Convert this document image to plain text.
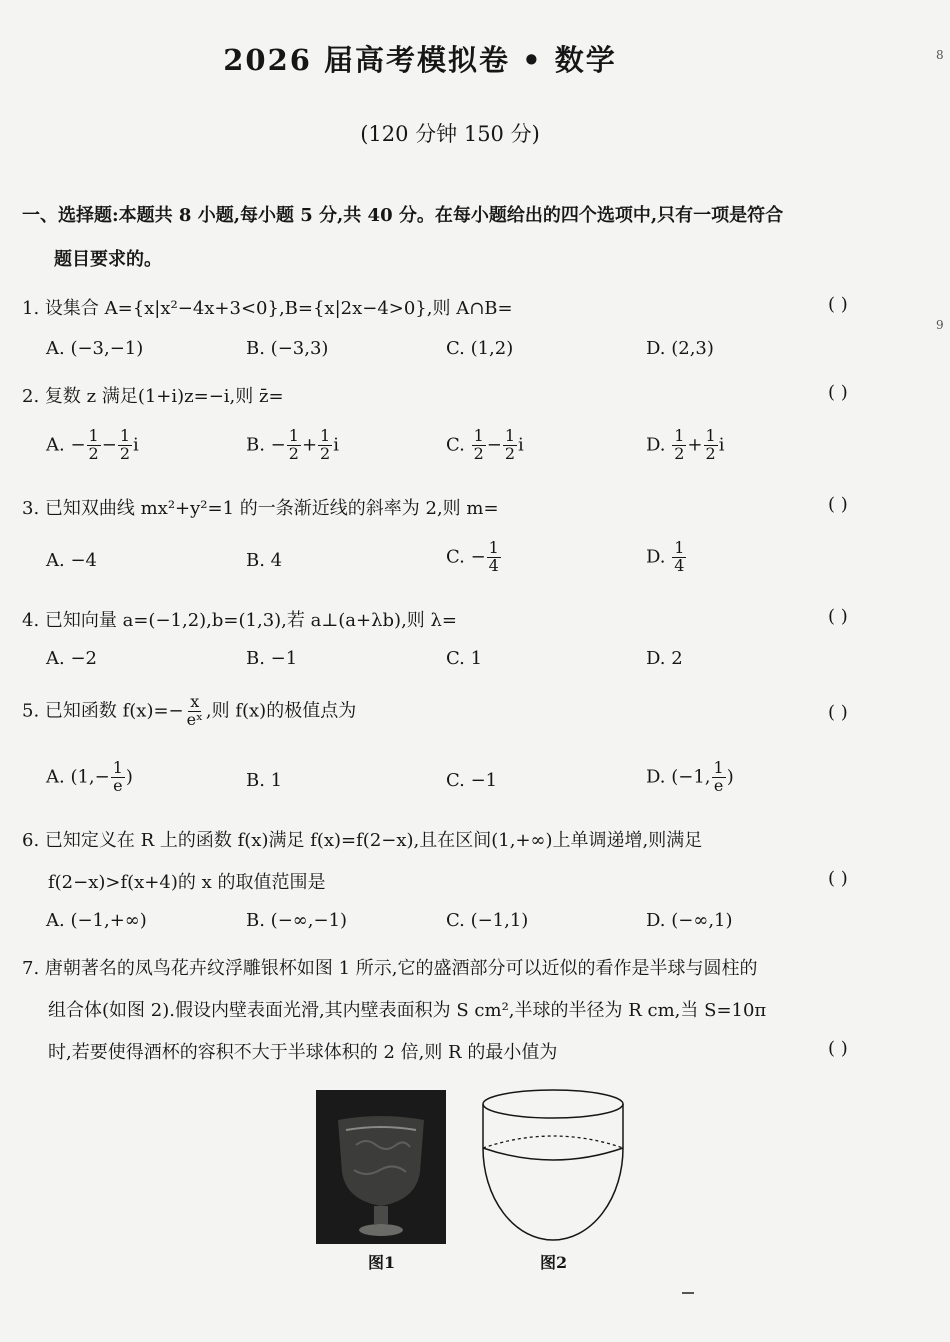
2026 届高考模拟卷 • 数学
(120 分钟 150 分)
一、选择题:本题共 8 小题,每小题 5 分,共 40 分。在每小题给出的四个选项中,只有一项是符合
题目要求的。
1. 设集合 A={x|x²−4x+3<0},B={x|2x−4>0},则 A∩B=	( )
A. (−3,−1)	B. (−3,3)	C. (1,2)	D. (2,3)
2. 复数 z 满足(1+i)z=−i,则 z̄=	( )
A. − $\frac{1}{2} - \frac{1}{2}$ i	B. − $\frac{1}{2} + \frac{1}{2}$ i	C. $\frac{1}{2} - \frac{1}{2}$ i	D. $\frac{1}{2} + \frac{1}{2}$ i
3. 已知双曲线 mx²+y²=1 的一条渐近线的斜率为 2,则 m=	( )
A. −4	B. 4	C. − $\frac{1}{4}$	D. $\frac{1}{4}$
4. 已知向量 a=(−1,2),b=(1,3),若 a⊥(a+λb),则 λ=	( )
A. −2	B. −1	C. 1	D. 2
5. 已知函数 $f(x)=- \frac{x}{\text{eˣ}}$ ,则 f(x)的极值点为	( )
A. ($1,- \frac{1}{e}$ )	B. 1	C. −1	D. (−1, $\frac{1}{e}$ )
6. 已知定义在 R 上的函数 f(x)满足 f(x)=f(2−x),且在区间(1,+∞)上单调递增,则满足
f(2−x)>f(x+4)的 x 的取值范围是	( )
A. (−1,+∞)	B. (−∞,−1)	C. (−1,1)	D. (−∞,1)
7. 唐朝著名的凤鸟花卉纹浮雕银杯如图 1 所示,它的盛酒部分可以近似的看作是半球与圆柱的
组合体(如图 2).假设内壁表面光滑,其内壁表面积为 S cm²,半球的半径为 R cm,当 S=10π
时,若要使得酒杯的容积不大于半球体积的 2 倍,则 R 的最小值为	( )
图1	图2
8
9
